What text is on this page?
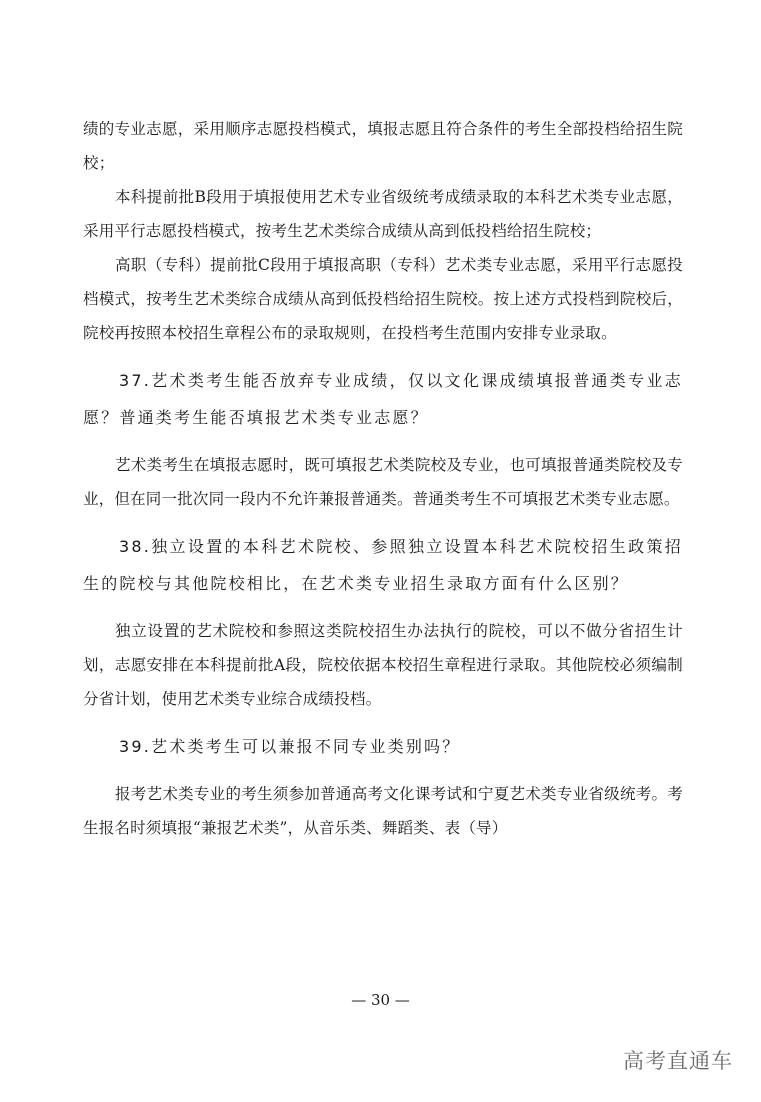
绩的专业志愿，采用顺序志愿投档模式，填报志愿且符合条件的考生全部投档给招生院校；

本科提前批B段用于填报使用艺术专业省级统考成绩录取的本科艺术类专业志愿，采用平行志愿投档模式，按考生艺术类综合成绩从高到低投档给招生院校；

高职（专科）提前批C段用于填报高职（专科）艺术类专业志愿，采用平行志愿投档模式，按考生艺术类综合成绩从高到低投档给招生院校。按上述方式投档到院校后，院校再按照本校招生章程公布的录取规则，在投档考生范围内安排专业录取。

37.艺术类考生能否放弃专业成绩，仅以文化课成绩填报普通类专业志愿？普通类考生能否填报艺术类专业志愿？

艺术类考生在填报志愿时，既可填报艺术类院校及专业，也可填报普通类院校及专业，但在同一批次同一段内不允许兼报普通类。普通类考生不可填报艺术类专业志愿。

38.独立设置的本科艺术院校、参照独立设置本科艺术院校招生政策招生的院校与其他院校相比，在艺术类专业招生录取方面有什么区别？

独立设置的艺术院校和参照这类院校招生办法执行的院校，可以不做分省招生计划，志愿安排在本科提前批A段，院校依据本校招生章程进行录取。其他院校必须编制分省计划，使用艺术类专业综合成绩投档。

39.艺术类考生可以兼报不同专业类别吗？

报考艺术类专业的考生须参加普通高考文化课考试和宁夏艺术类专业省级统考。考生报名时须填报“兼报艺术类”，从音乐类、舞蹈类、表（导）

— 30 —
高考直通车
